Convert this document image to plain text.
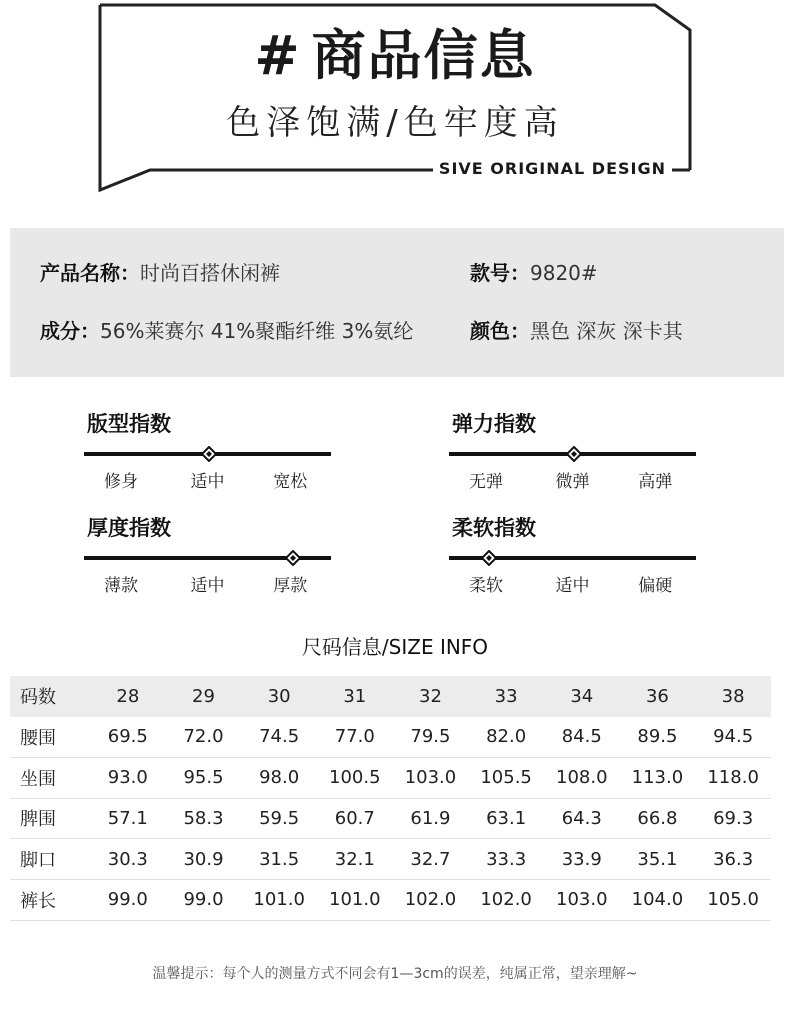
# 商品信息
色泽饱满/色牢度高
SIVE ORIGINAL DESIGN
产品名称：时尚百搭休闲裤	款号：9820#
成分：56%莱赛尔 41%聚酯纤维 3%氨纶	颜色：黑色 深灰 深卡其
版型指数
修身	适中	宽松
弹力指数
无弹	微弹	高弹
厚度指数
薄款	适中	厚款
柔软指数
柔软	适中	偏硬
尺码信息/SIZE INFO
码数	28	29	30	31	32	33	34	36	38
腰围	69.5	72.0	74.5	77.0	79.5	82.0	84.5	89.5	94.5
坐围	93.0	95.5	98.0	100.5	103.0	105.5	108.0	113.0	118.0
脾围	57.1	58.3	59.5	60.7	61.9	63.1	64.3	66.8	69.3
脚口	30.3	30.9	31.5	32.1	32.7	33.3	33.9	35.1	36.3
裤长	99.0	99.0	101.0	101.0	102.0	102.0	103.0	104.0	105.0
温馨提示：每个人的测量方式不同会有1—3cm的误差，纯属正常，望亲理解~
